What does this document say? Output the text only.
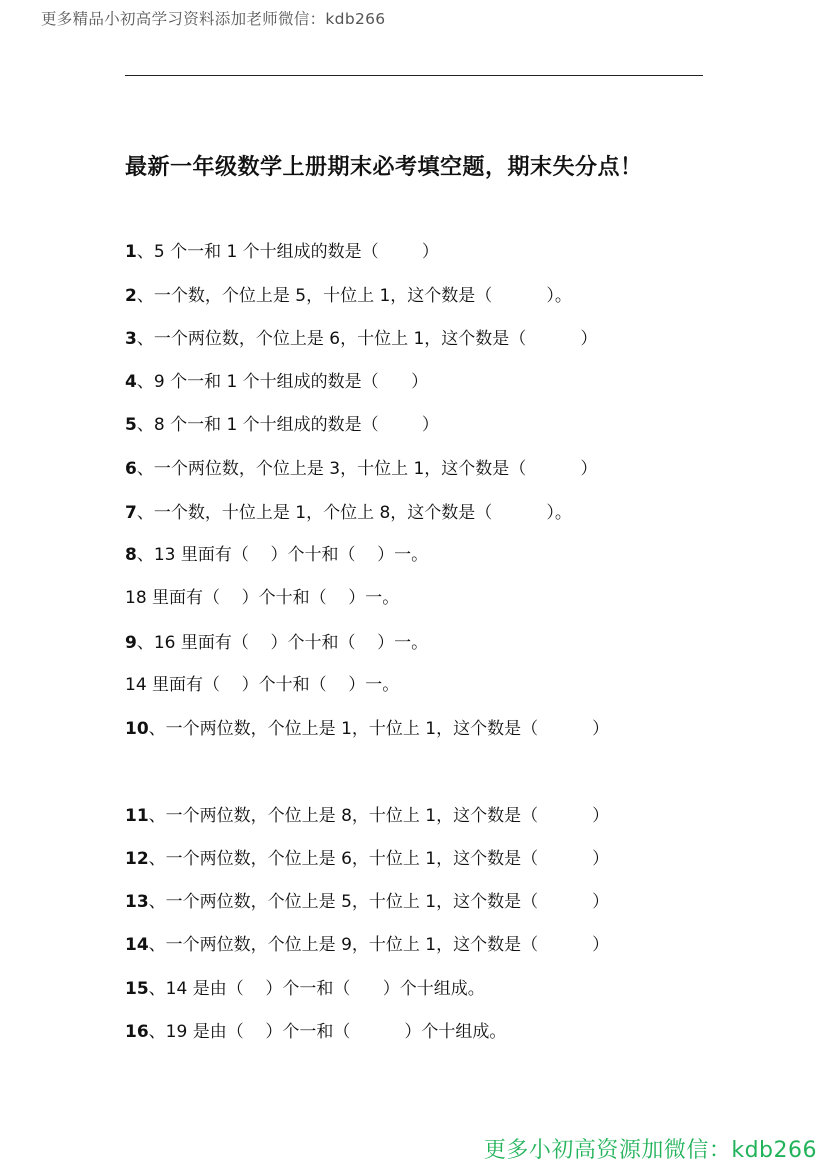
更多精品小初高学习资料添加老师微信：kdb266
最新一年级数学上册期末必考填空题，期末失分点！
1、5 个一和 1 个十组成的数是（        ）
2、一个数，个位上是 5，十位上 1，这个数是（          ）。
3、一个两位数，个位上是 6，十位上 1，这个数是（          ）
4、9 个一和 1 个十组成的数是（      ）
5、8 个一和 1 个十组成的数是（        ）
6、一个两位数，个位上是 3，十位上 1，这个数是（          ）
7、一个数，十位上是 1，个位上 8，这个数是（          ）。
8、13 里面有（    ）个十和（    ）一。
18 里面有（    ）个十和（    ）一。
9、16 里面有（    ）个十和（    ）一。
14 里面有（    ）个十和（    ）一。
10、一个两位数，个位上是 1，十位上 1，这个数是（          ）
11、一个两位数，个位上是 8，十位上 1，这个数是（          ）
12、一个两位数，个位上是 6，十位上 1，这个数是（          ）
13、一个两位数，个位上是 5，十位上 1，这个数是（          ）
14、一个两位数，个位上是 9，十位上 1，这个数是（          ）
15、14 是由（    ）个一和（      ）个十组成。
16、19 是由（    ）个一和（          ）个十组成。
更多小初高资源加微信：kdb266
